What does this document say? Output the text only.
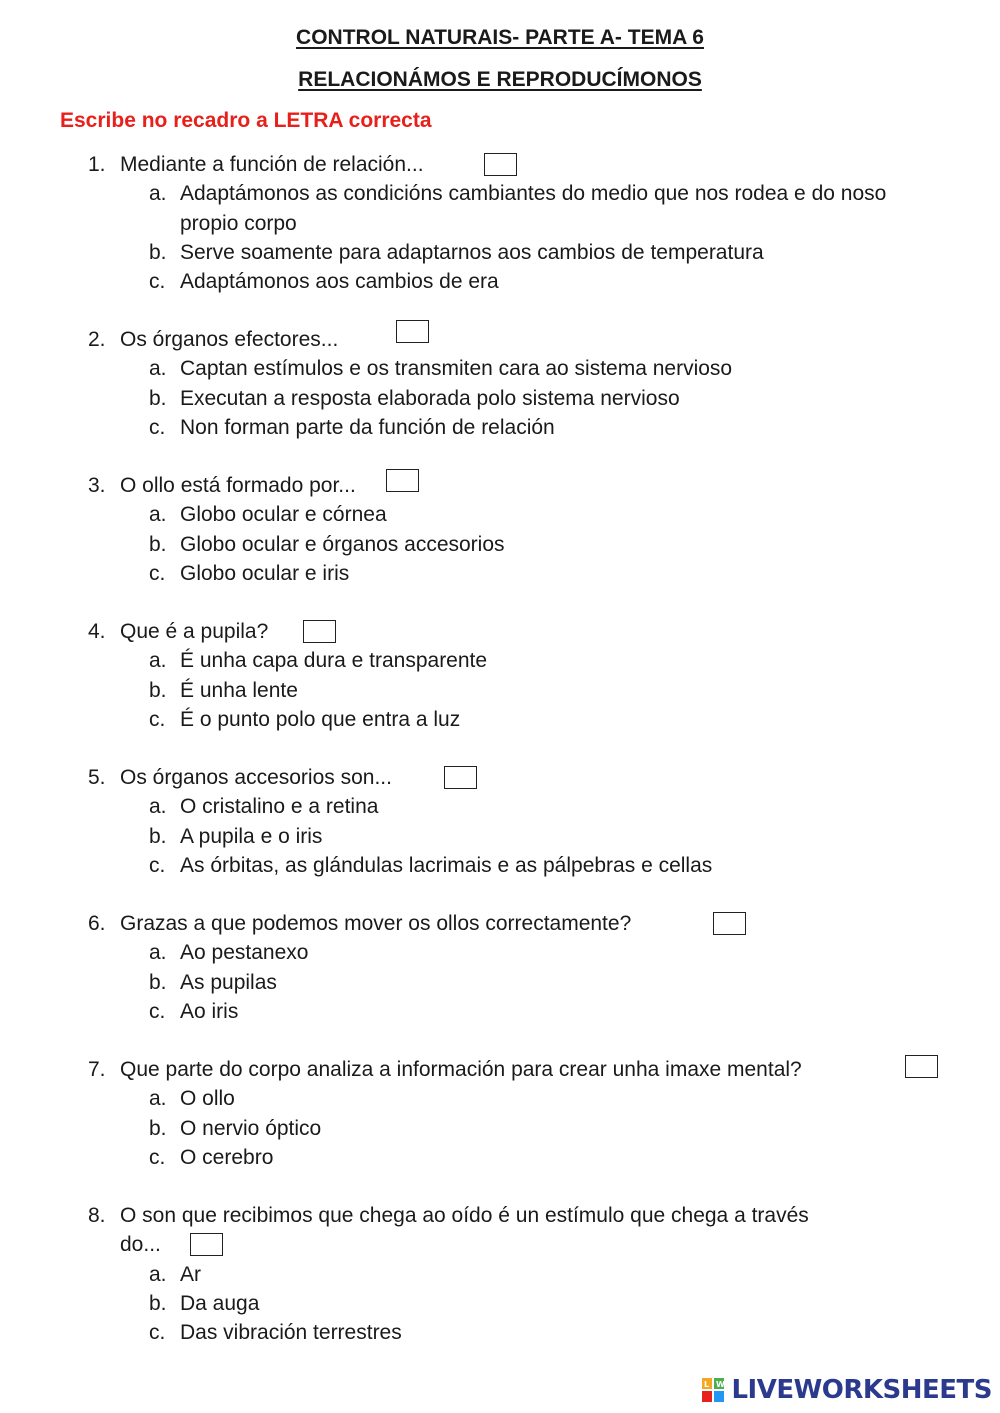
CONTROL NATURAIS- PARTE A- TEMA 6
RELACIONÁMOS E REPRODUCÍMONOS

Escribe no recadro a LETRA correcta

1. Mediante a función de relación...
a. Adaptámonos as condicións cambiantes do medio que nos rodea e do noso propio corpo
b. Serve soamente para adaptarnos aos cambios de temperatura
c. Adaptámonos aos cambios de era
2. Os órganos efectores...
a. Captan estímulos e os transmiten cara ao sistema nervioso
b. Executan a resposta elaborada polo sistema nervioso
c. Non forman parte da función de relación
3. O ollo está formado por...
a. Globo ocular e córnea
b. Globo ocular e órganos accesorios
c. Globo ocular e iris
4. Que é a pupila?
a. É unha capa dura e transparente
b. É unha lente
c. É o punto polo que entra a luz
5. Os órganos accesorios son...
a. O cristalino e a retina
b. A pupila e o iris
c. As órbitas, as glándulas lacrimais e as pálpebras e cellas
6. Grazas a que podemos mover os ollos correctamente?
a. Ao pestanexo
b. As pupilas
c. Ao iris
7. Que parte do corpo analiza a información para crear unha imaxe mental?
a. O ollo
b. O nervio óptico
c. O cerebro
8. O son que recibimos que chega ao oído é un estímulo que chega a través
do...
a. Ar
b. Da auga
c. Das vibración terrestres
L W LIVEWORKSHEETS
